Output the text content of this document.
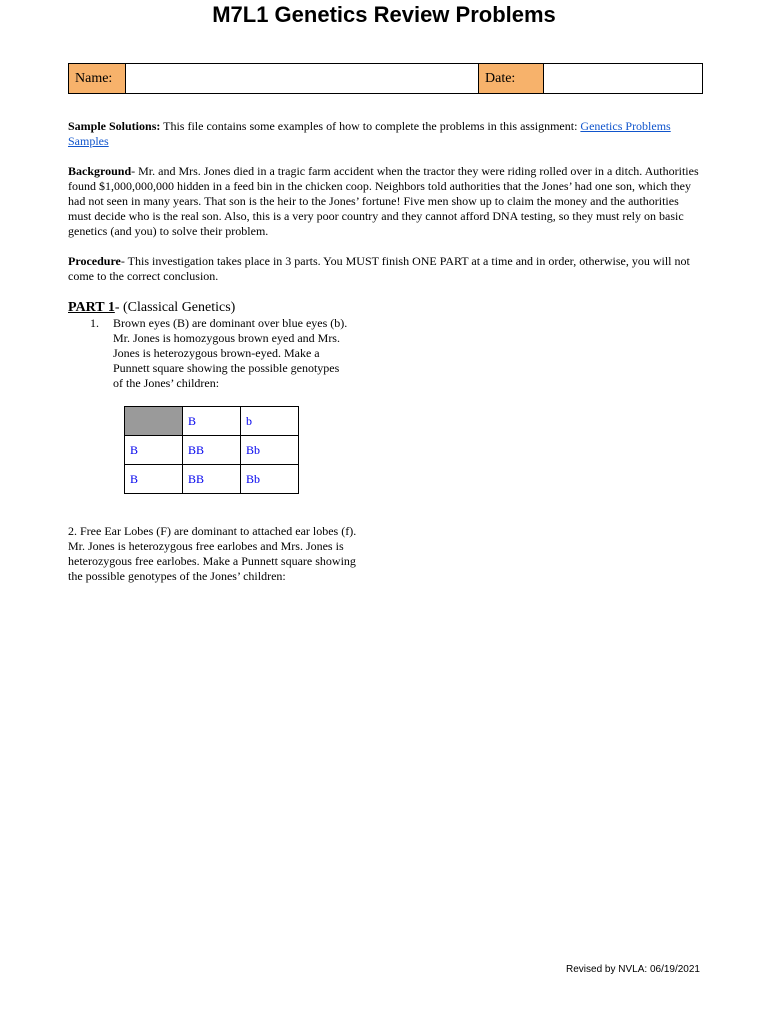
M7L1 Genetics Review Problems
Name:		Date:	

Sample Solutions: This file contains some examples of how to complete the problems in this assignment: Genetics Problems Samples

Background- Mr. and Mrs. Jones died in a tragic farm accident when the tractor they were riding rolled over in a ditch. Authorities found $1,000,000,000 hidden in a feed bin in the chicken coop. Neighbors told authorities that the Jones’ had one son, which they had not seen in many years. That son is the heir to the Jones’ fortune! Five men show up to claim the money and the authorities must decide who is the real son. Also, this is a very poor country and they cannot afford DNA testing, so they must rely on basic genetics (and you) to solve their problem.

Procedure- This investigation takes place in 3 parts. You MUST finish ONE PART at a time and in order, otherwise, you will not come to the correct conclusion.

PART 1- (Classical Genetics)
1. Brown eyes (B) are dominant over blue eyes (b). Mr. Jones is homozygous brown eyed and Mrs. Jones is heterozygous brown-eyed. Make a Punnett square showing the possible genotypes of the Jones’ children:
	B	b
B	BB	Bb
B	BB	Bb
2. Free Ear Lobes (F) are dominant to attached ear lobes (f). Mr. Jones is heterozygous free earlobes and Mrs. Jones is heterozygous free earlobes. Make a Punnett square showing the possible genotypes of the Jones’ children:
Revised by NVLA: 06/19/2021
